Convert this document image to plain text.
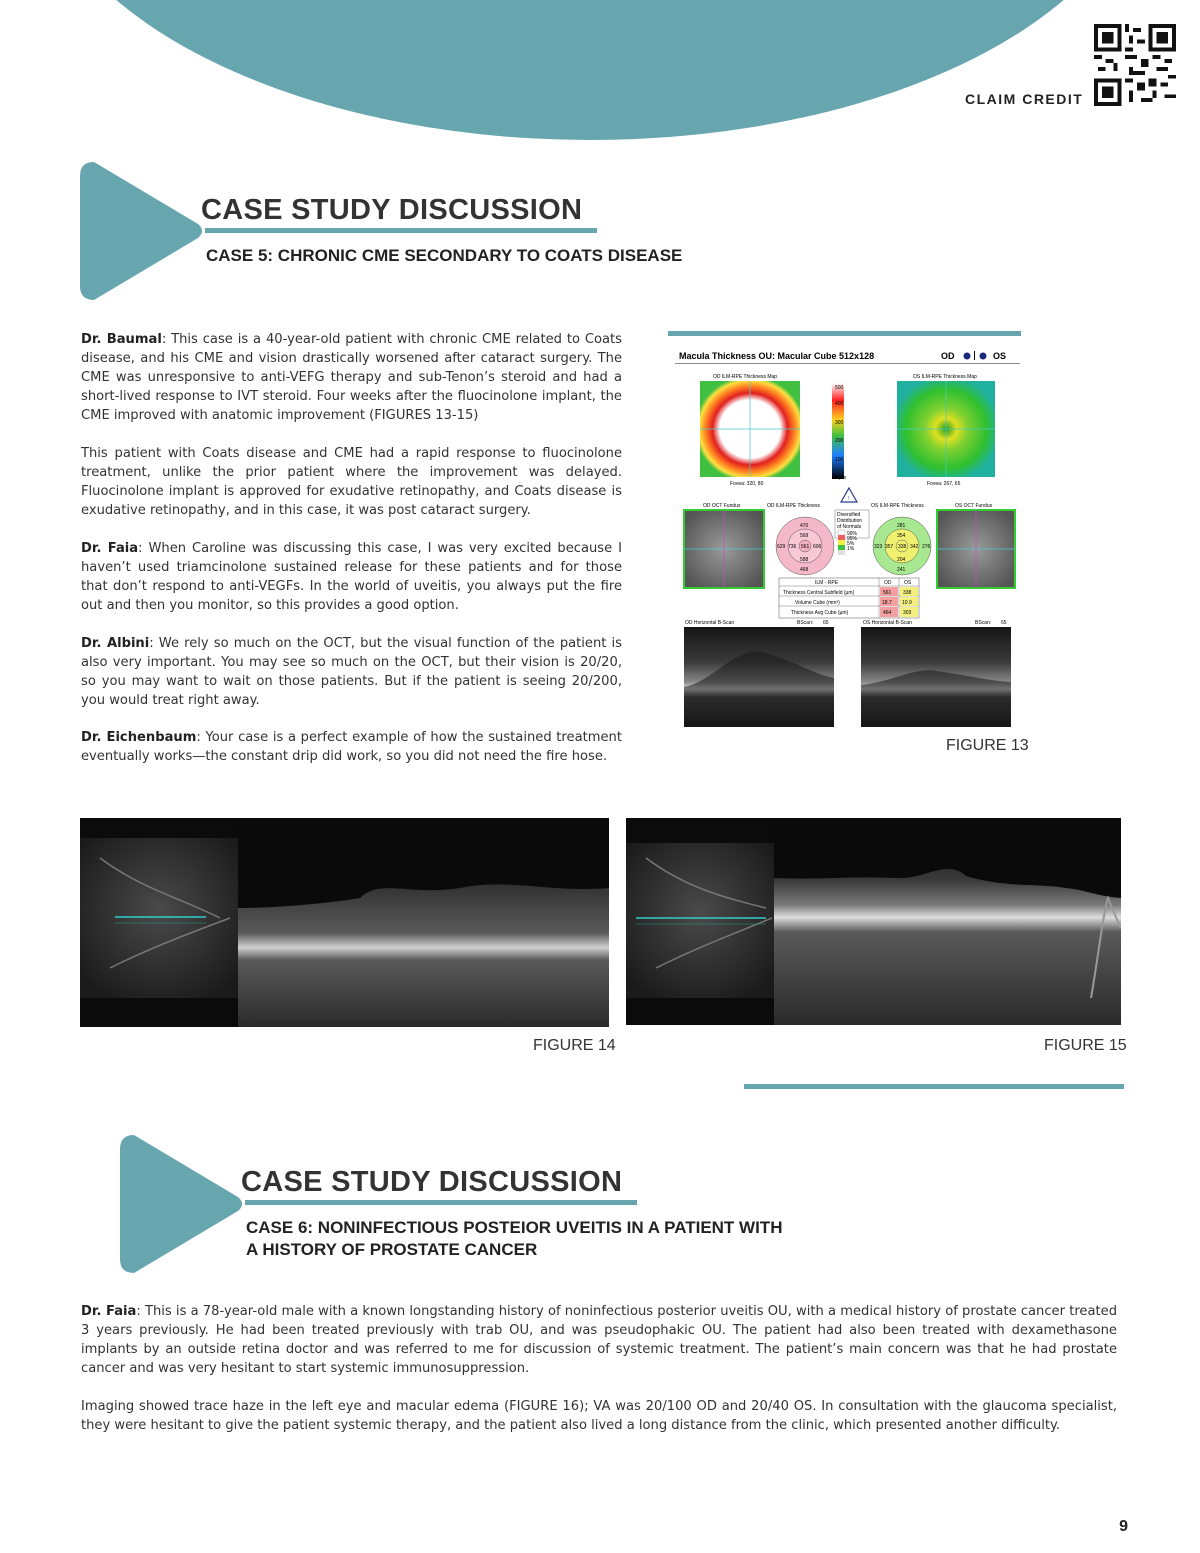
CLAIM CREDIT
CASE STUDY DISCUSSION
CASE 5: CHRONIC CME SECONDARY TO COATS DISEASE

Dr. Baumal: This case is a 40-year-old patient with chronic CME related to Coats disease, and his CME and vision drastically worsened after cataract surgery. The CME was unresponsive to anti-VEFG therapy and sub-Tenon’s steroid and had a short-lived response to IVT steroid. Four weeks after the fluocinolone implant, the CME improved with anatomic improvement (FIGURES 13-15)

This patient with Coats disease and CME had a rapid response to fluocinolone treatment, unlike the prior patient where the improvement was delayed. Fluocinolone implant is approved for exudative retinopathy, and Coats disease is exudative retinopathy, and in this case, it was post cataract surgery.

Dr. Faia: When Caroline was discussing this case, I was very excited because I haven’t used triamcinolone sustained release for these patients and for those that don’t respond to anti-VEGFs. In the world of uveitis, you always put the fire out and then you monitor, so this provides a good option.

Dr. Albini: We rely so much on the OCT, but the visual function of the patient is also very important. You may see so much on the OCT, but their vision is 20/20, so you may want to wait on those patients. But if the patient is seeing 20/200, you would treat right away.

Dr. Eichenbaum: Your case is a perfect example of how the sustained treatment eventually works—the constant drip did work, so you did not need the fire hose.

Macula Thickness OU: Macular Cube 512x128	OD	OS
OD ILM-RPE Thickness Map
Fovea: 320, 80
500
400
300
200
100
0 µm
OS ILM-RPE Thickness Map
Fovea: 267, 65
!
OD OCT Fundus	OD ILM-RPE Thickness
470
569
629 736 561 606
588
468
Diversified
Distribution
of Normals
99%
95%
5%
1%
OS ILM-RPE Thickness
281
354
323 357 338 342 276
204
241
OS OCT Fundus
ILM - RPE	OD	OS
Thickness Central Subfield (µm)	561 338
Volume Cube (mm³)	18.7 10.9
Thickness Avg Cube (µm)	464 303
OD Horizontal B-Scan	BScan: 65	OS Horizontal B-Scan	BScan: 65
FIGURE 13
FIGURE 14	FIGURE 15
CASE STUDY DISCUSSION
CASE 6: NONINFECTIOUS POSTEIOR UVEITIS IN A PATIENT WITH
A HISTORY OF PROSTATE CANCER

Dr. Faia: This is a 78-year-old male with a known longstanding history of noninfectious posterior uveitis OU, with a medical history of prostate cancer treated 3 years previously. He had been treated previously with trab OU, and was pseudophakic OU. The patient had also been treated with dexamethasone implants by an outside retina doctor and was referred to me for discussion of systemic treatment. The patient’s main concern was that he had prostate cancer and was very hesitant to start systemic immunosuppression.

Imaging showed trace haze in the left eye and macular edema (FIGURE 16); VA was 20/100 OD and 20/40 OS. In consultation with the glaucoma specialist, they were hesitant to give the patient systemic therapy, and the patient also lived a long distance from the clinic, which presented another difficulty.

9
